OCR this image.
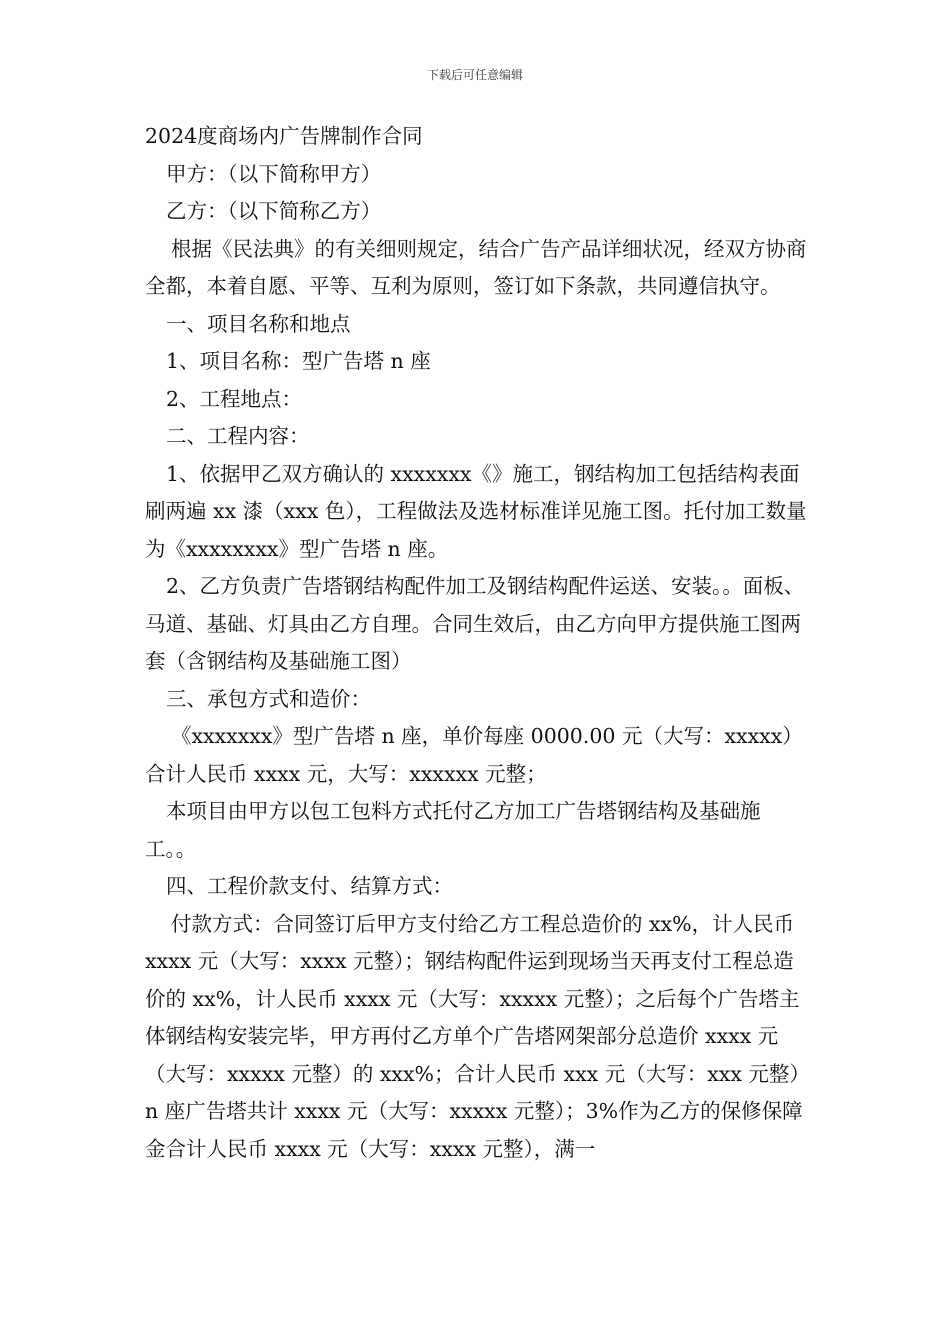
下载后可任意编辑

2024度商场内广告牌制作合同

甲方：（以下简称甲方）

乙方：（以下简称乙方）

根据《民法典》的有关细则规定，结合广告产品详细状况，经双方协商全都，本着自愿、平等、互利为原则，签订如下条款，共同遵信执守。

一、项目名称和地点

1、项目名称：型广告塔 n 座

2、工程地点：

二、工程内容：

1、依据甲乙双方确认的 xxxxxxx《》施工，钢结构加工包括结构表面刷两遍 xx 漆（xxx 色），工程做法及选材标准详见施工图。托付加工数量为《xxxxxxxx》型广告塔 n 座。

2、乙方负责广告塔钢结构配件加工及钢结构配件运送、安装。。面板、马道、基础、灯具由乙方自理。合同生效后，由乙方向甲方提供施工图两套（含钢结构及基础施工图）

三、承包方式和造价：

《xxxxxxx》型广告塔 n 座，单价每座 0000.00 元（大写：xxxxx）合计人民币 xxxx 元，大写：xxxxxx 元整；

本项目由甲方以包工包料方式托付乙方加工广告塔钢结构及基础施工。。

四、工程价款支付、结算方式：

付款方式：合同签订后甲方支付给乙方工程总造价的 xx%，计人民币 xxxx 元（大写：xxxx 元整）；钢结构配件运到现场当天再支付工程总造价的 xx%，计人民币 xxxx 元（大写：xxxxx 元整）；之后每个广告塔主体钢结构安装完毕，甲方再付乙方单个广告塔网架部分总造价 xxxx 元（大写：xxxxx 元整）的 xxx%；合计人民币 xxx 元（大写：xxx 元整）n 座广告塔共计 xxxx 元（大写：xxxxx 元整）；3%作为乙方的保修保障金合计人民币 xxxx 元（大写：xxxx 元整），满一
